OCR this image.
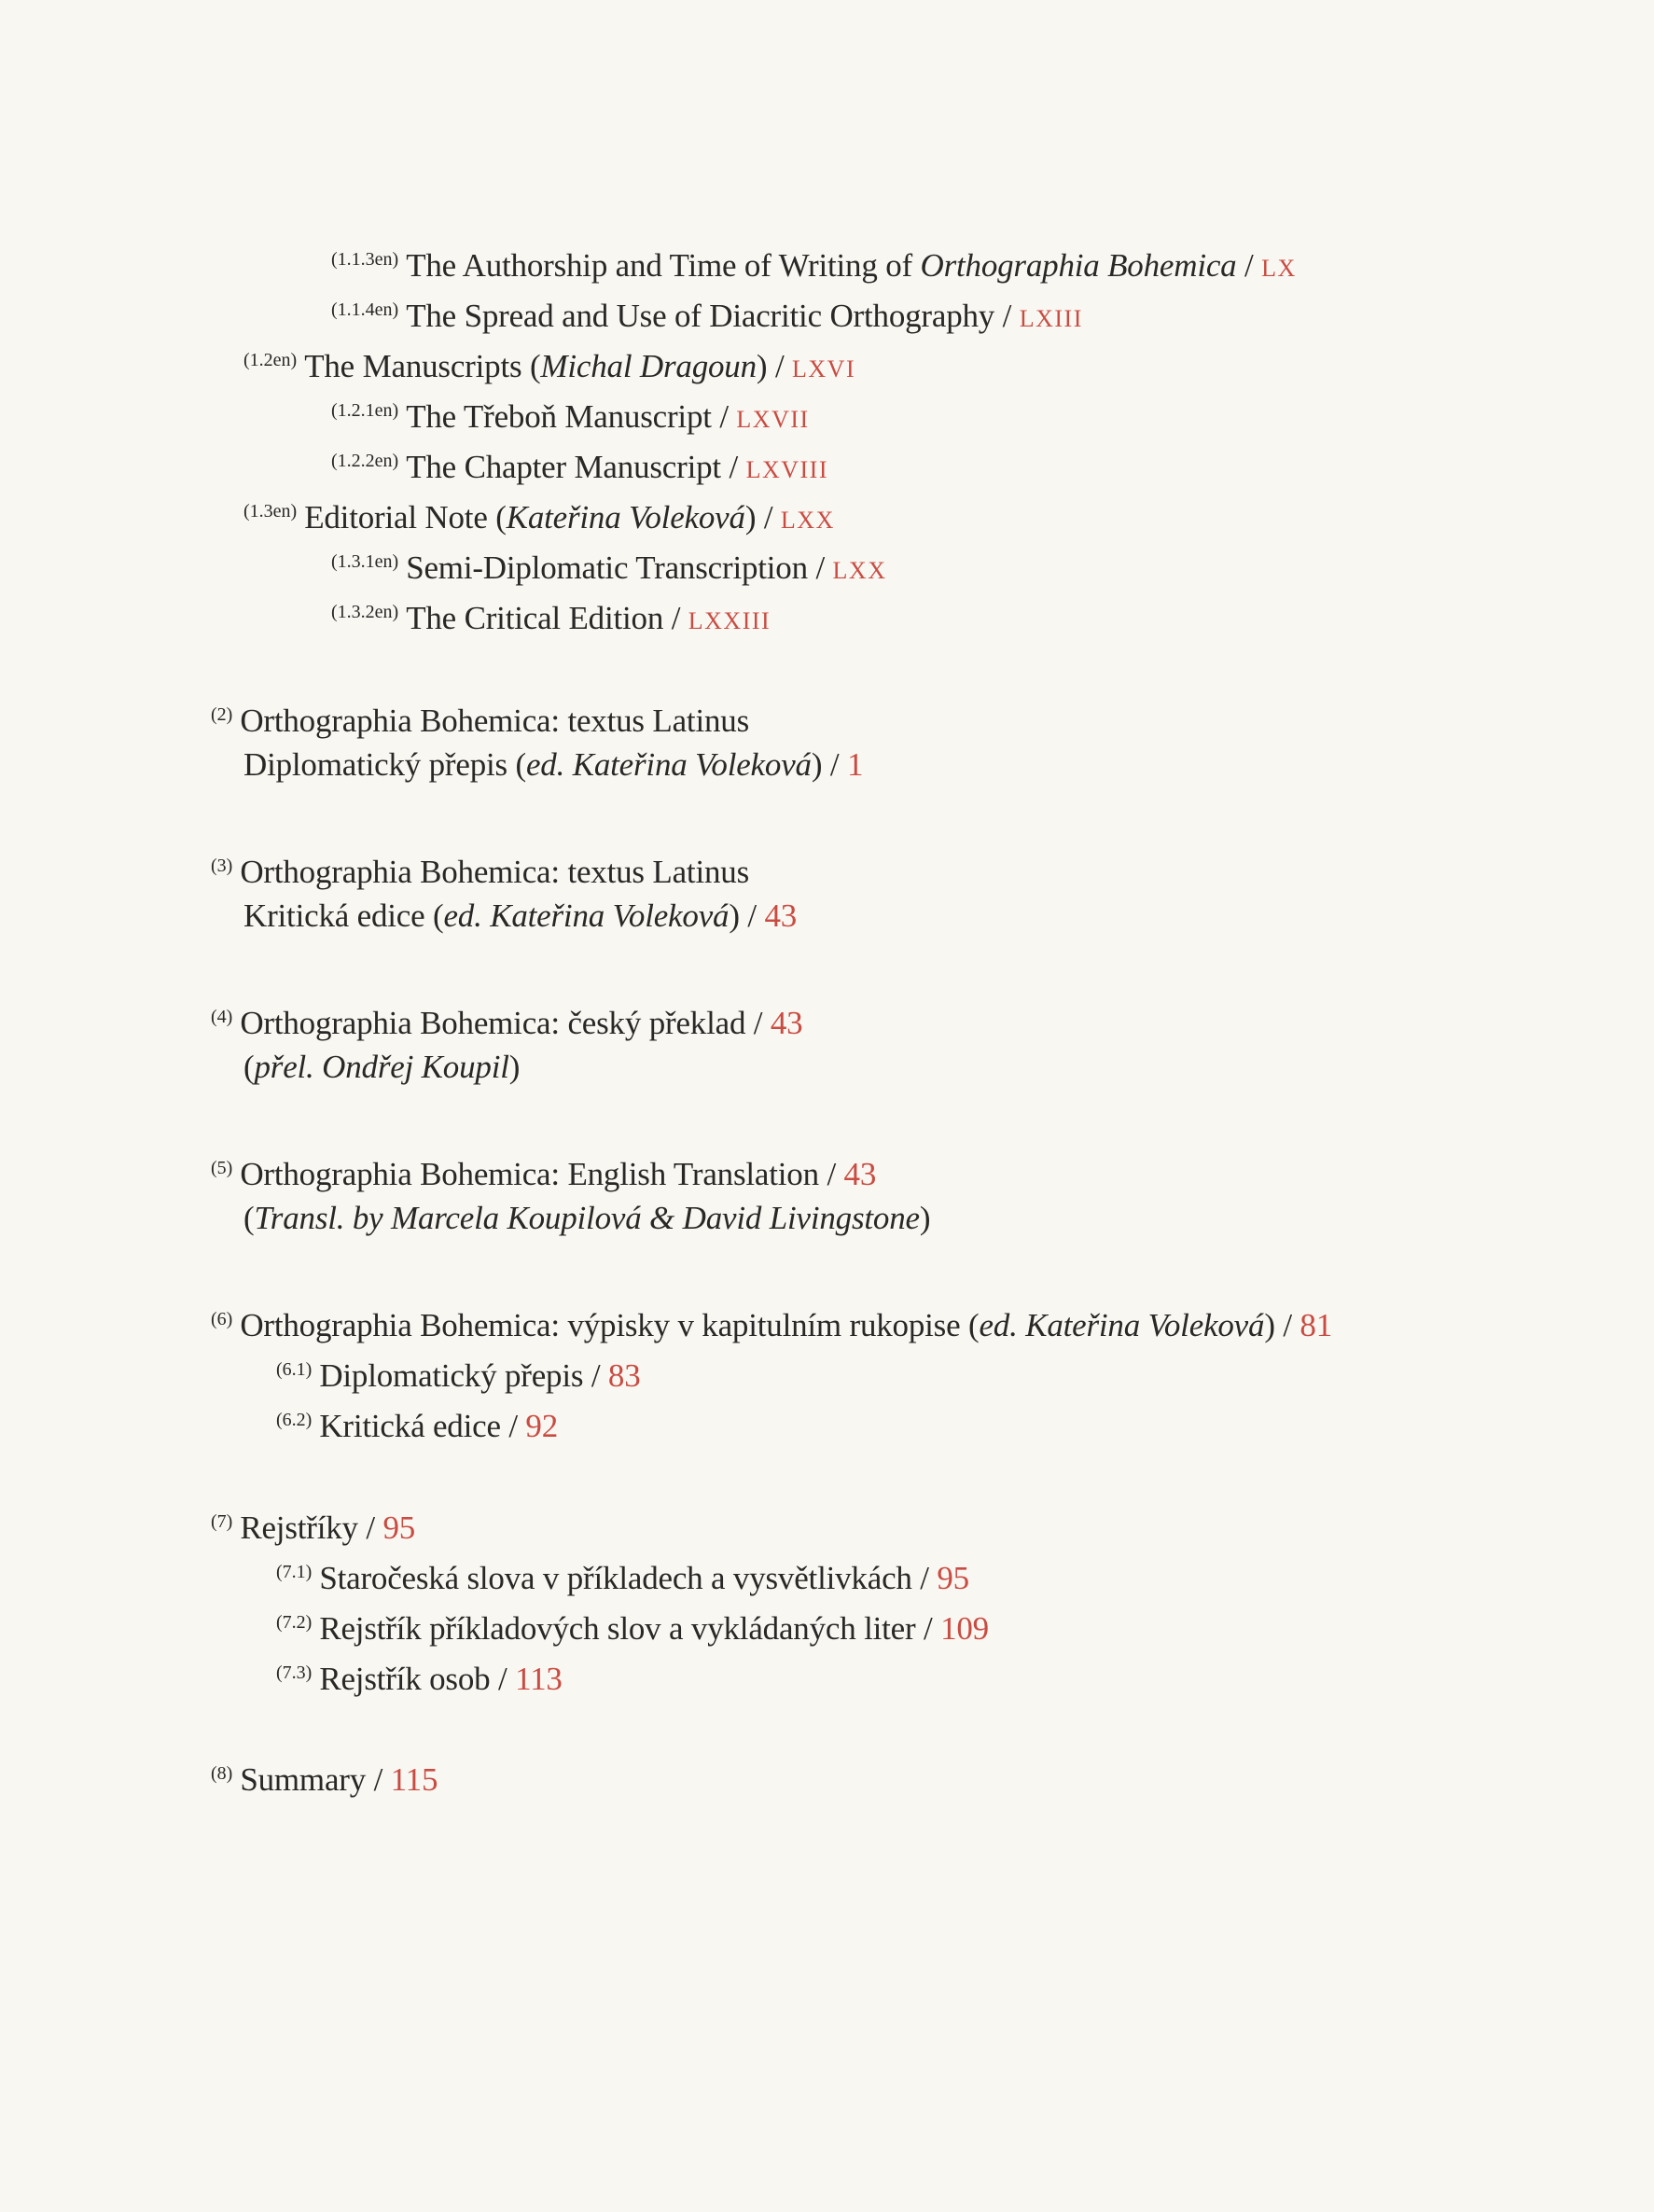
$^{(1.1.3en)}$ The Authorship and Time of Writing of Orthographia Bohemica / LX
$^{(1.1.4en)}$ The Spread and Use of Diacritic Orthography / LXIII
$^{(1.2en)}$ The Manuscripts (Michal Dragoun) / LXVI
$^{(1.2.1en)}$ The Třeboň Manuscript / LXVII
$^{(1.2.2en)}$ The Chapter Manuscript / LXVIII
$^{(1.3en)}$ Editorial Note (Kateřina Voleková) / LXX
$^{(1.3.1en)}$ Semi-Diplomatic Transcription / LXX
$^{(1.3.2en)}$ The Critical Edition / LXXIII
$^{(2)}$ Orthographia Bohemica: textus Latinus
Diplomatický přepis (ed. Kateřina Voleková) / 1
$^{(3)}$ Orthographia Bohemica: textus Latinus
Kritická edice (ed. Kateřina Voleková) / 43
$^{(4)}$ Orthographia Bohemica: český překlad / 43
(přel. Ondřej Koupil)
$^{(5)}$ Orthographia Bohemica: English Translation / 43
(Transl. by Marcela Koupilová & David Livingstone)
$^{(6)}$ Orthographia Bohemica: výpisky v kapitulním rukopise (ed. Kateřina Voleková) / 81
$^{(6.1)}$ Diplomatický přepis / 83
$^{(6.2)}$ Kritická edice / 92
$^{(7)}$ Rejstříky / 95
$^{(7.1)}$ Staročeská slova v příkladech a vysvětlivkách / 95
$^{(7.2)}$ Rejstřík příkladových slov a vykládaných liter / 109
$^{(7.3)}$ Rejstřík osob / 113
$^{(8)}$ Summary / 115
